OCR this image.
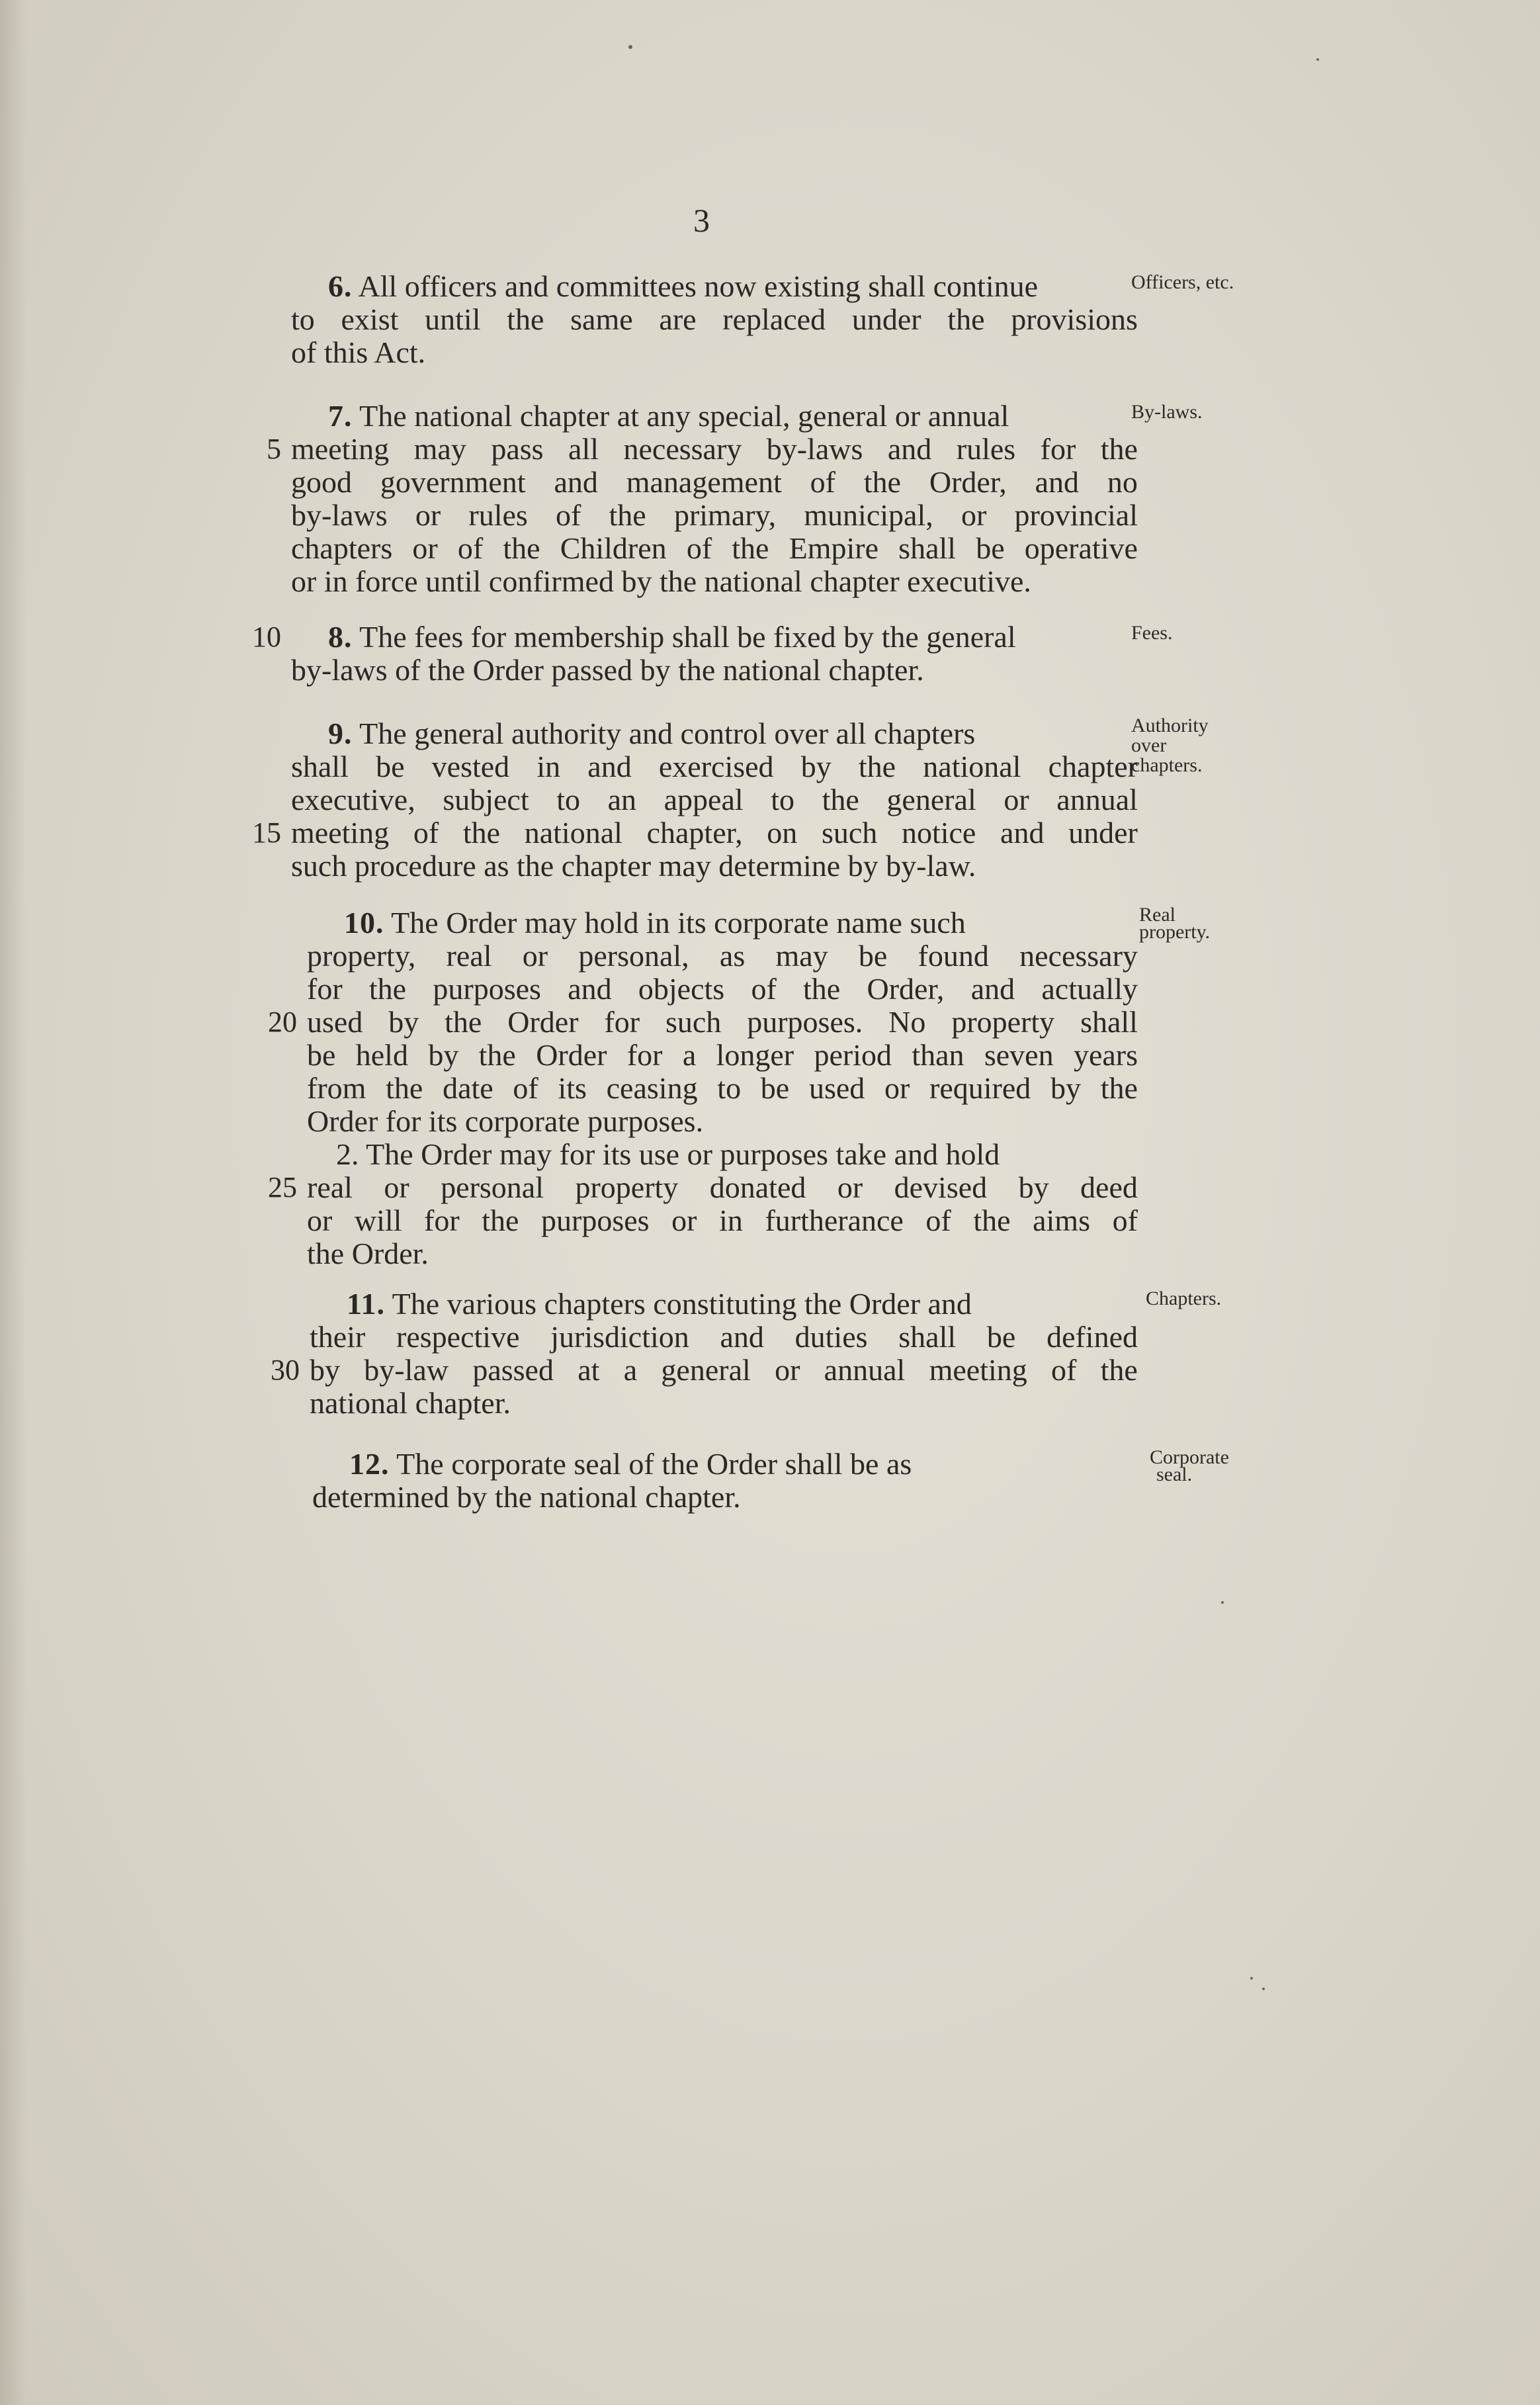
3
6. All officers and committees now existing shall continue
to exist until the same are replaced under the provisions
of this Act.
Officers, etc.
7. The national chapter at any special, general or annual
5 meeting may pass all necessary by-laws and rules for the
good government and management of the Order, and no
by-laws or rules of the primary, municipal, or provincial
chapters or of the Children of the Empire shall be operative
or in force until confirmed by the national chapter executive.
By-laws.
10 8. The fees for membership shall be fixed by the general
by-laws of the Order passed by the national chapter.
Fees.
9. The general authority and control over all chapters
shall be vested in and exercised by the national chapter
executive, subject to an appeal to the general or annual
15 meeting of the national chapter, on such notice and under
such procedure as the chapter may determine by by-law.
Authority
over
chapters.
10. The Order may hold in its corporate name such
property, real or personal, as may be found necessary
for the purposes and objects of the Order, and actually
20 used by the Order for such purposes. No property shall
be held by the Order for a longer period than seven years
from the date of its ceasing to be used or required by the
Order for its corporate purposes.
2. The Order may for its use or purposes take and hold
25 real or personal property donated or devised by deed
or will for the purposes or in furtherance of the aims of
the Order.
Real
property.
11. The various chapters constituting the Order and
their respective jurisdiction and duties shall be defined
30 by by-law passed at a general or annual meeting of the
national chapter.
Chapters.
12. The corporate seal of the Order shall be as
determined by the national chapter.
Corporate
seal.
